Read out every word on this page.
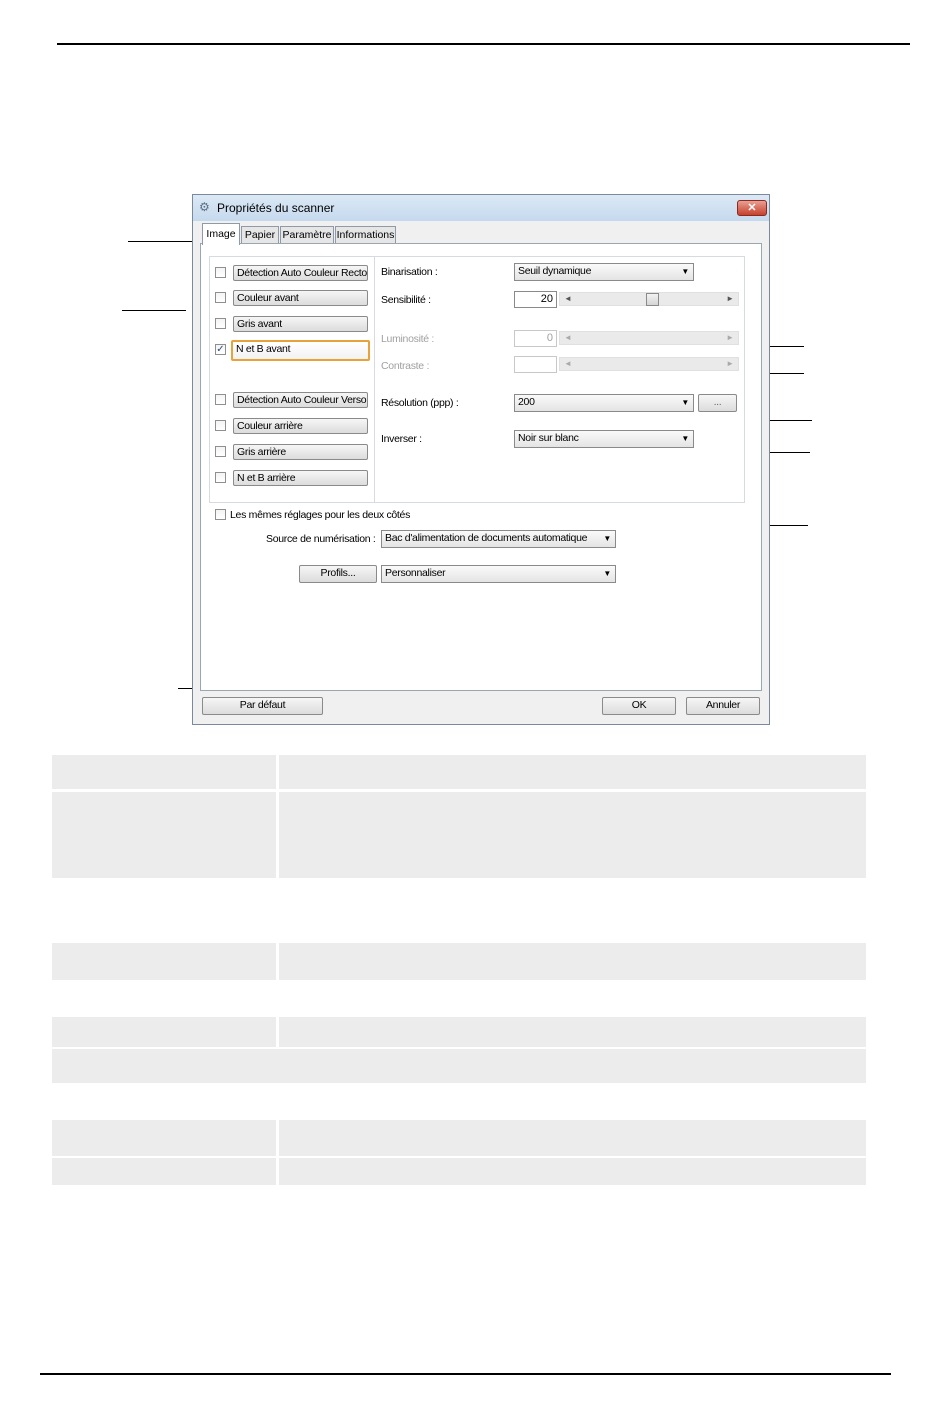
⚙ Propriétés du scanner	✕
Image Papier Paramètre Informations
Détection Auto Couleur Recto
Couleur avant
Gris avant
✓	N et B avant
Détection Auto Couleur Verso
Couleur arrière
Gris arrière
N et B arrière
Binarisation :	Seuil dynamique	▼
Sensibilité :	20	◄	►
Luminosité :	0	◄	►
Contraste :	◄	►
Résolution (ppp) :	200	▼	...
Inverser :	Noir sur blanc	▼
Les mêmes réglages pour les deux côtés
Source de numérisation : Bac d'alimentation de documents automatique ▼
Profils...	Personnaliser	▼
Par défaut	OK	Annuler
